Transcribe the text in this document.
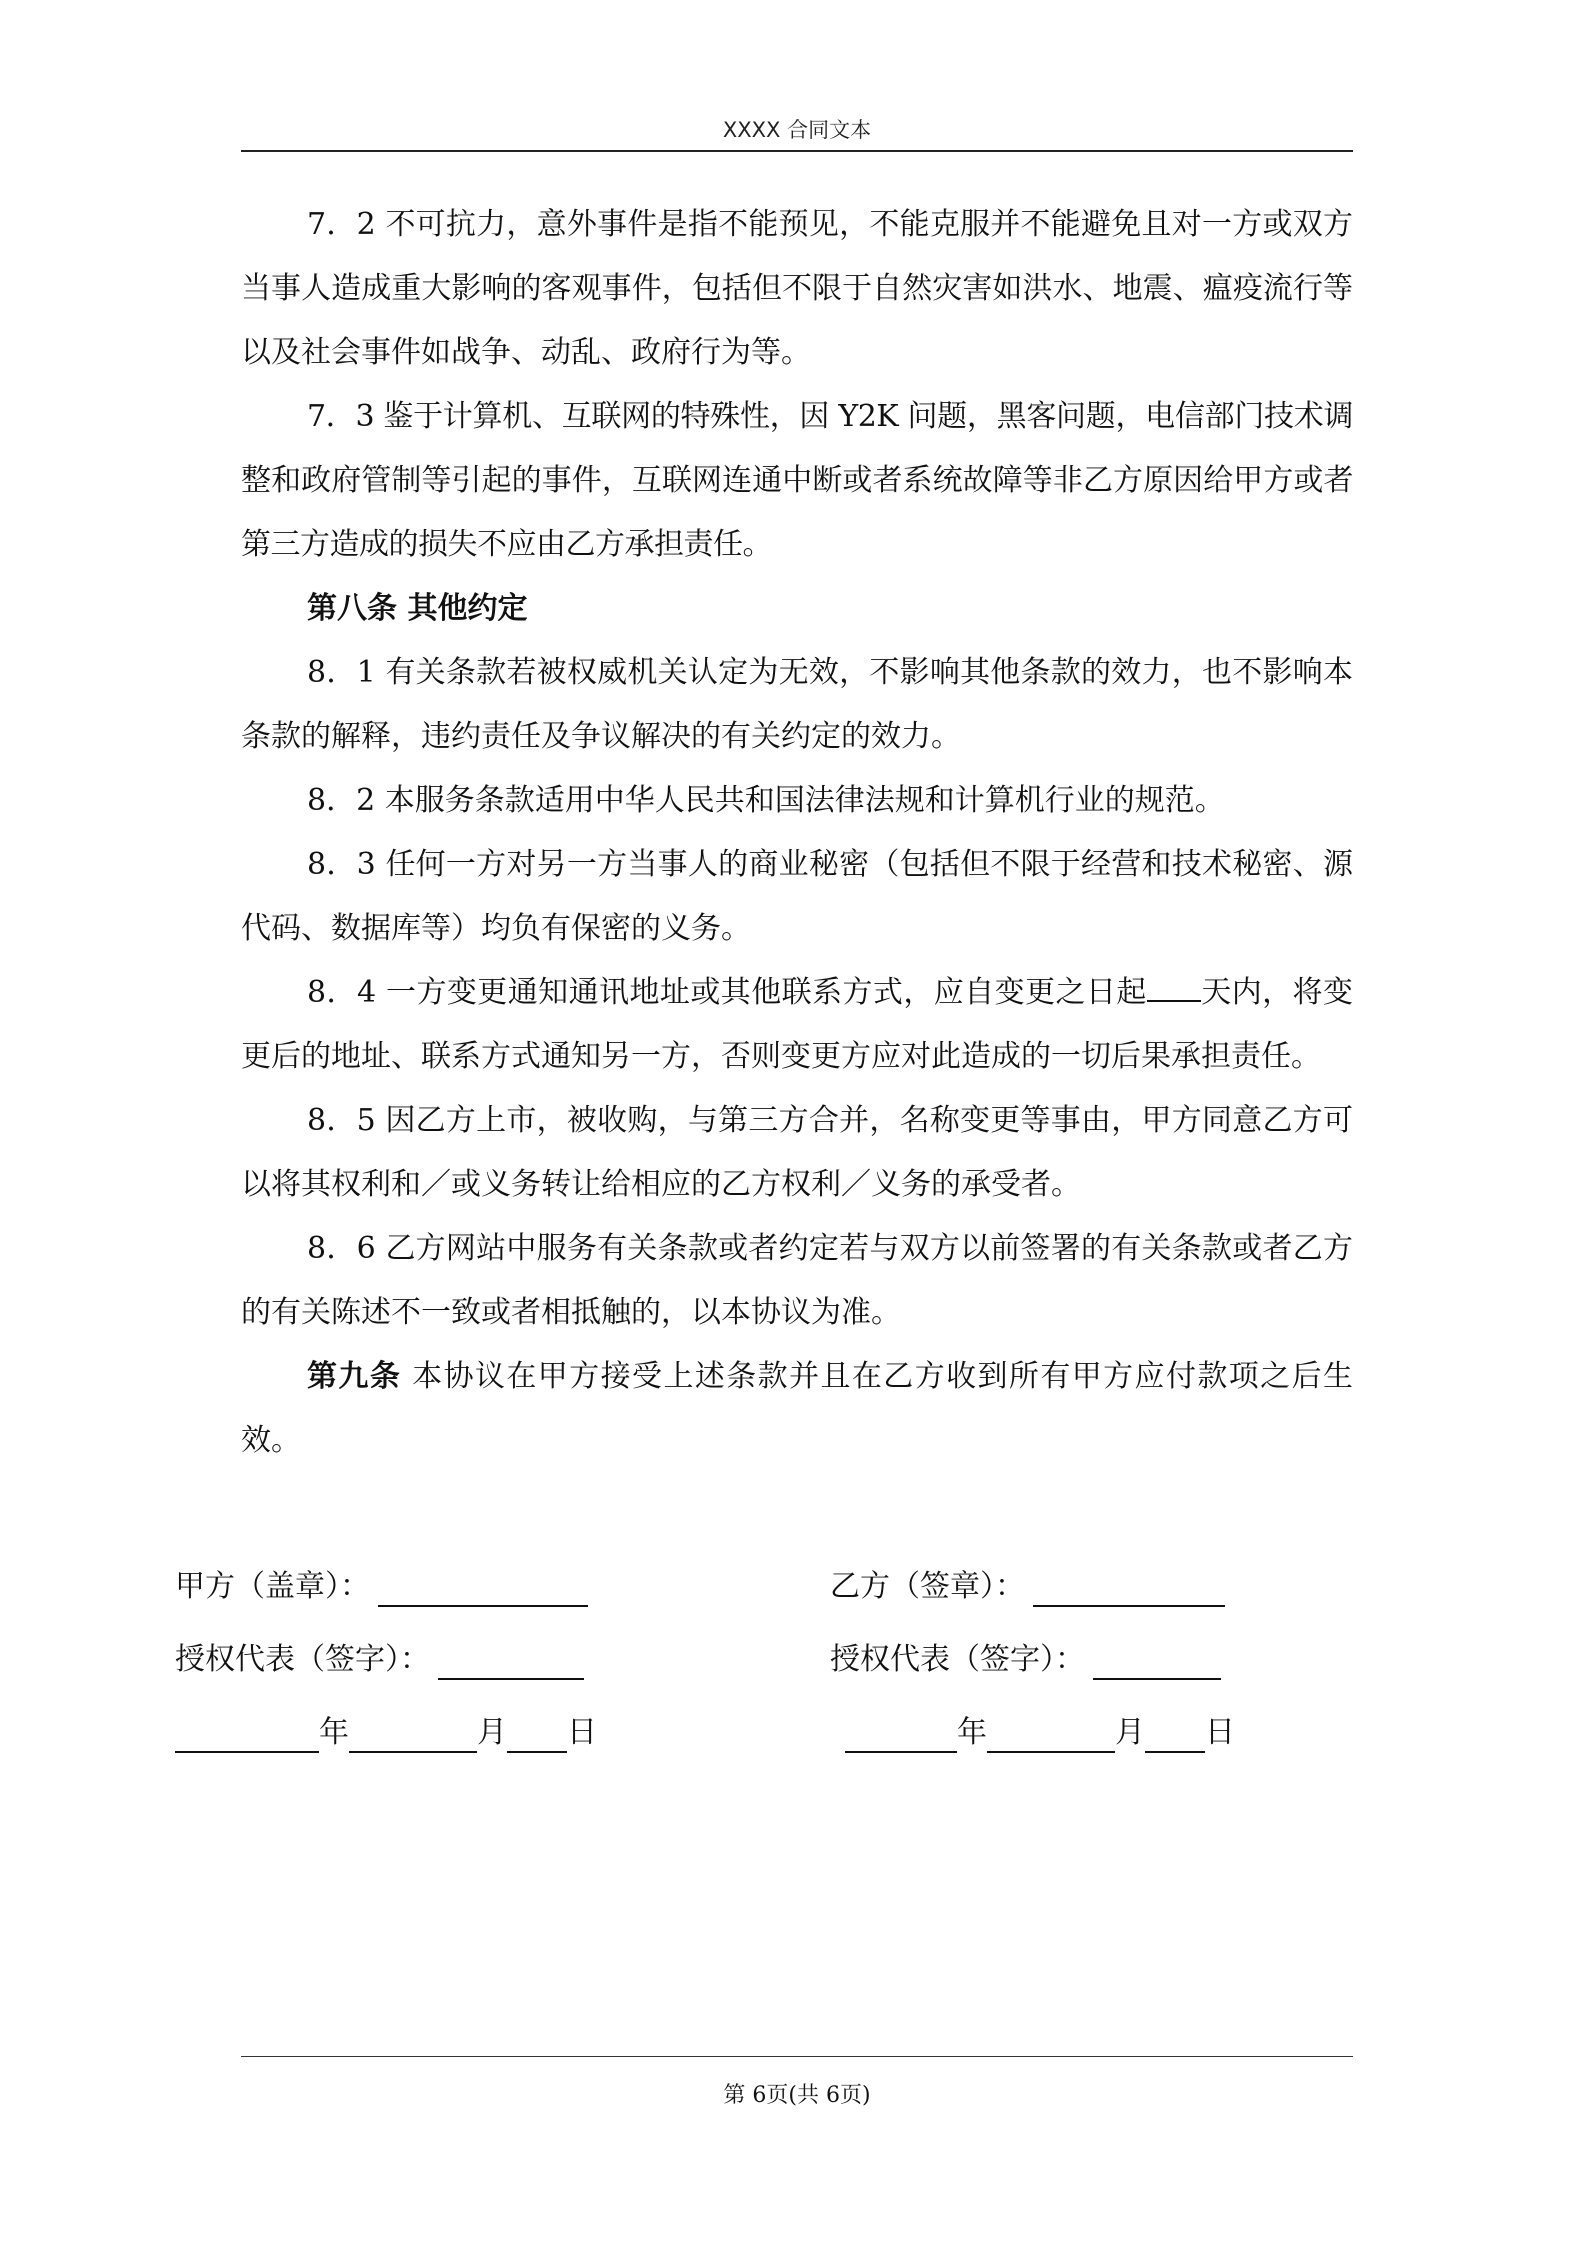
XXXX 合同文本

7．2 不可抗力，意外事件是指不能预见，不能克服并不能避免且对一方或双方当事人造成重大影响的客观事件，包括但不限于自然灾害如洪水、地震、瘟疫流行等以及社会事件如战争、动乱、政府行为等。

7．3 鉴于计算机、互联网的特殊性，因 Y2K 问题，黑客问题，电信部门技术调整和政府管制等引起的事件，互联网连通中断或者系统故障等非乙方原因给甲方或者第三方造成的损失不应由乙方承担责任。

第八条 其他约定

8．1 有关条款若被权威机关认定为无效，不影响其他条款的效力，也不影响本条款的解释，违约责任及争议解决的有关约定的效力。

8．2 本服务条款适用中华人民共和国法律法规和计算机行业的规范。

8．3 任何一方对另一方当事人的商业秘密（包括但不限于经营和技术秘密、源代码、数据库等）均负有保密的义务。

8．4 一方变更通知通讯地址或其他联系方式，应自变更之日起 天内，将变更后的地址、联系方式通知另一方，否则变更方应对此造成的一切后果承担责任。

8．5 因乙方上市，被收购，与第三方合并，名称变更等事由，甲方同意乙方可以将其权利和／或义务转让给相应的乙方权利／义务的承受者。

8．6 乙方网站中服务有关条款或者约定若与双方以前签署的有关条款或者乙方的有关陈述不一致或者相抵触的，以本协议为准。

第九条 本协议在甲方接受上述条款并且在乙方收到所有甲方应付款项之后生效。

甲方（盖章）：	乙方（签章）：
授权代表（签字）：	授权代表（签字）：
年	月 日	年	月 日
第 6页(共 6页)
